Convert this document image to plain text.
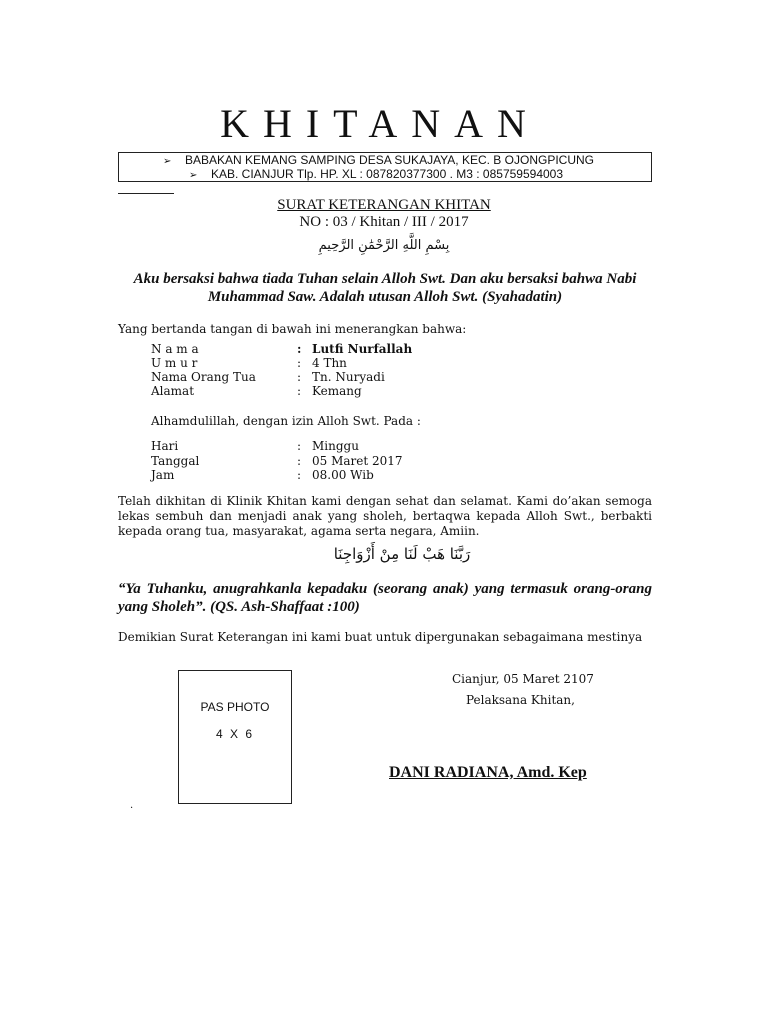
KHITANAN
➢ BABAKAN KEMANG SAMPING DESA SUKAJAYA, KEC. B OJONGPICUNG
➢ KAB. CIANJUR Tlp. HP. XL : 087820377300 . M3 : 085759594003
SURAT KETERANGAN KHITAN
NO : 03 / Khitan / III / 2017
بِسْمِ اللَّهِ الرَّحْمَٰنِ الرَّحِيمِ
Aku bersaksi bahwa tiada Tuhan selain Alloh Swt. Dan aku bersaksi bahwa Nabi Muhammad Saw. Adalah utusan Alloh Swt. (Syahadatin)
Yang bertanda tangan di bawah ini menerangkan bahwa:
N a m a	: Lutfi Nurfallah
U m u r	: 4 Thn
Nama Orang Tua	: Tn. Nuryadi
Alamat	: Kemang
Alhamdulillah, dengan izin Alloh Swt. Pada :
Hari	: Minggu
Tanggal	: 05 Maret 2017
Jam	: 08.00 Wib
Telah dikhitan di Klinik Khitan kami dengan sehat dan selamat. Kami do’akan semoga lekas sembuh dan menjadi anak yang sholeh, bertaqwa kepada Alloh Swt., berbakti kepada orang tua, masyarakat, agama serta negara, Amiin.
رَبَّنَا هَبْ لَنَا مِنْ أَزْوَاجِنَا
“Ya Tuhanku, anugrahkanla kepadaku (seorang anak) yang termasuk orang-orang yang Sholeh”. (QS. Ash-Shaffaat :100)
Demikian Surat Keterangan ini kami buat untuk dipergunakan sebagaimana mestinya
PAS PHOTO
4 X 6
Cianjur, 05 Maret 2107
Pelaksana Khitan,
DANI RADIANA, Amd. Kep
.
